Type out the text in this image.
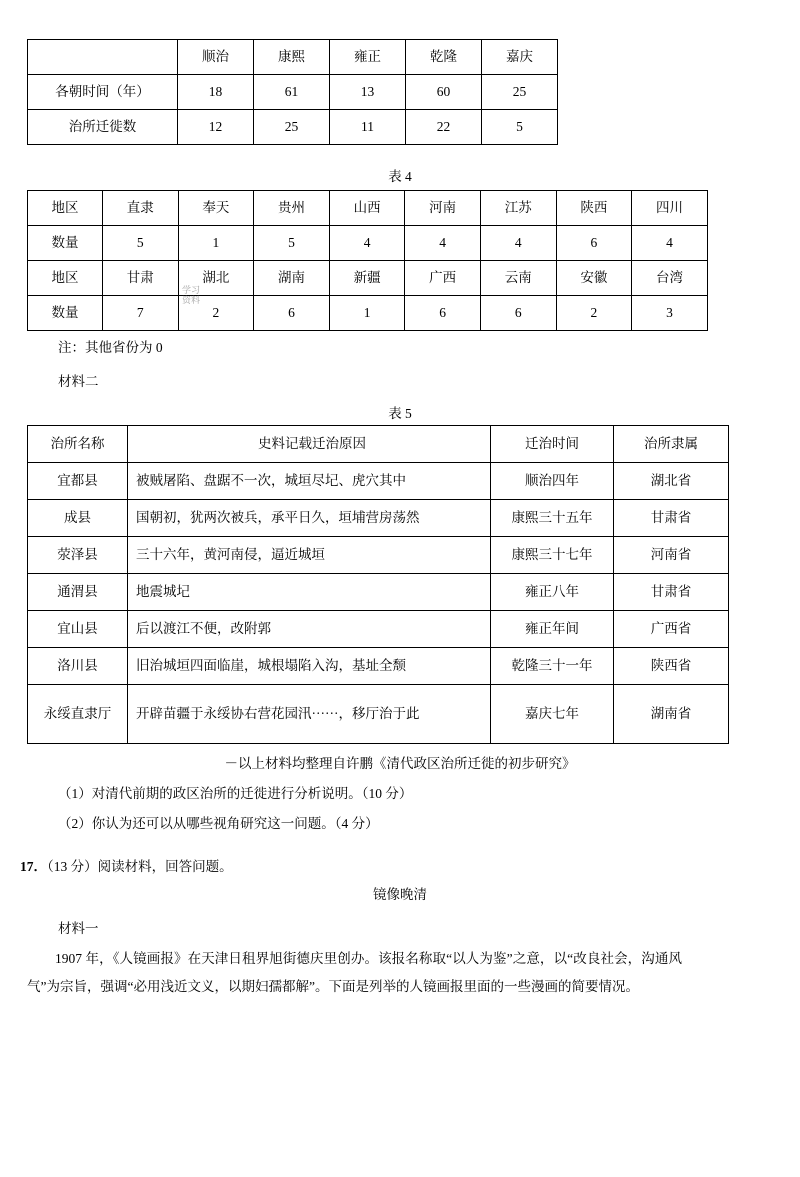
	顺治	康熙	雍正	乾隆	嘉庆
各朝时间（年）	18	61	13	60	25
治所迁徙数	12	25	11	22	5
表 4
地区	直隶	奉天	贵州	山西	河南	江苏	陕西	四川
数量	5	1	5	4	4	4	6	4
地区	甘肃	湖北	湖南	新疆	广西	云南	安徽	台湾
数量	7	2	6	1	6	6	2	3
学习资料
注：其他省份为 0
材料二
表 5
治所名称	史料记载迁治原因	迁治时间	治所隶属
宜都县	被贼屠陷、盘踞不一次，城垣尽圮、虎穴其中	顺治四年	湖北省
成县	国朝初，犹两次被兵，承平日久，垣埔营房荡然	康熙三十五年	甘肃省
荥泽县	三十六年，黄河南侵，逼近城垣	康熙三十七年	河南省
通渭县	地震城圮	雍正八年	甘肃省
宜山县	后以渡江不便，改附郭	雍正年间	广西省
洛川县	旧治城垣四面临崖，城根塌陷入沟，基址全颓	乾隆三十一年	陕西省
永绥直隶厅	开辟苗疆于永绥协右营花园汛······，移厅治于此	嘉庆七年	湖南省
－以上材料均整理自许鹏《清代政区治所迁徙的初步研究》
（1）对清代前期的政区治所的迁徙进行分析说明。（10 分）
（2）你认为还可以从哪些视角研究这一问题。（4 分）
17．（13 分）阅读材料，回答问题。
镜像晚清
材料一
1907 年，《人镜画报》在天津日租界旭街德庆里创办。该报名称取“以人为鉴”之意，以“改良社会，沟通风气”为宗旨，强调“必用浅近文义，以期妇孺都解”。下面是列举的人镜画报里面的一些漫画的简要情况。
